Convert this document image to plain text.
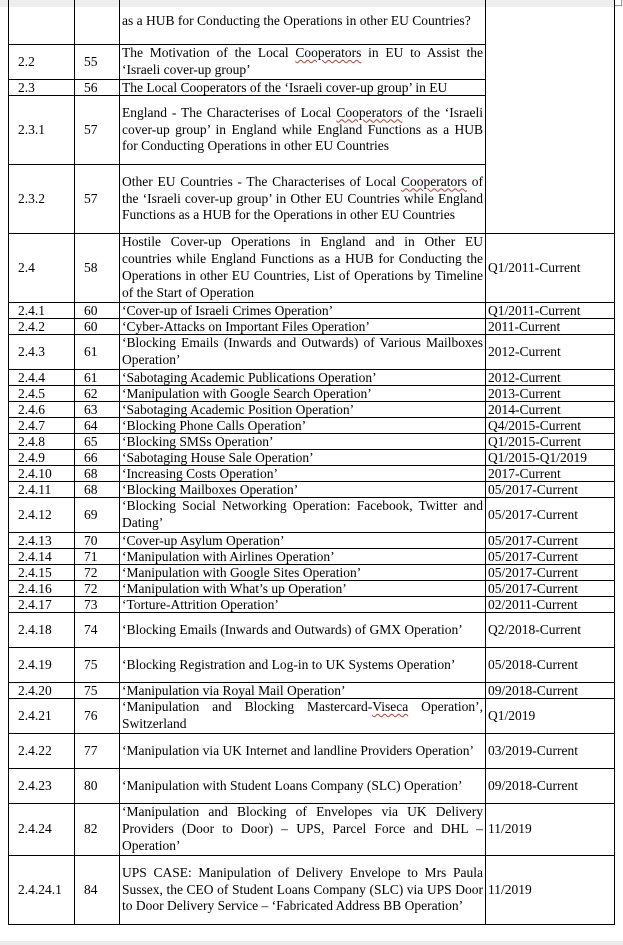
		as a HUB for Conducting the Operations in other EU Countries?	
2.2	55	The Motivation of the Local Cooperators in EU to Assist the ‘Israeli cover-up group’	
2.3	56	The Local Cooperators of the ‘Israeli cover-up group’ in EU	
2.3.1	57	England - The Characterises of Local Cooperators of the ‘Israeli cover-up group’ in England while England Functions as a HUB for Conducting Operations in other EU Countries	
2.3.2	57	Other EU Countries - The Characterises of Local Cooperators of the ‘Israeli cover-up group’ in Other EU Countries while England Functions as a HUB for the Operations in other EU Countries	
2.4	58	Hostile Cover-up Operations in England and in Other EU countries while England Functions as a HUB for Conducting the Operations in other EU Countries, List of Operations by Timeline of the Start of Operation	Q1/2011-Current
2.4.1	60	‘Cover-up of Israeli Crimes Operation’	Q1/2011-Current
2.4.2	60	‘Cyber-Attacks on Important Files Operation’	2011-Current
2.4.3	61	‘Blocking Emails (Inwards and Outwards) of Various Mailboxes Operation’	2012-Current
2.4.4	61	‘Sabotaging Academic Publications Operation’	2012-Current
2.4.5	62	‘Manipulation with Google Search Operation’	2013-Current
2.4.6	63	‘Sabotaging Academic Position Operation’	2014-Current
2.4.7	64	‘Blocking Phone Calls Operation’	Q4/2015-Current
2.4.8	65	‘Blocking SMSs Operation’	Q1/2015-Current
2.4.9	66	‘Sabotaging House Sale Operation’	Q1/2015-Q1/2019
2.4.10	68	‘Increasing Costs Operation’	2017-Current
2.4.11	68	‘Blocking Mailboxes Operation’	05/2017-Current
2.4.12	69	‘Blocking Social Networking Operation: Facebook, Twitter and Dating’	05/2017-Current
2.4.13	70	‘Cover-up Asylum Operation’	05/2017-Current
2.4.14	71	‘Manipulation with Airlines Operation’	05/2017-Current
2.4.15	72	‘Manipulation with Google Sites Operation’	05/2017-Current
2.4.16	72	‘Manipulation with What’s up Operation’	05/2017-Current
2.4.17	73	‘Torture-Attrition Operation’	02/2011-Current
2.4.18	74	‘Blocking Emails (Inwards and Outwards) of GMX Operation’	Q2/2018-Current
2.4.19	75	‘Blocking Registration and Log-in to UK Systems Operation’	05/2018-Current
2.4.20	75	‘Manipulation via Royal Mail Operation’	09/2018-Current
2.4.21	76	‘Manipulation and Blocking Mastercard-Viseca Operation’, Switzerland	Q1/2019
2.4.22	77	‘Manipulation via UK Internet and landline Providers Operation’	03/2019-Current
2.4.23	80	‘Manipulation with Student Loans Company (SLC) Operation’	09/2018-Current
2.4.24	82	‘Manipulation and Blocking of Envelopes via UK Delivery Providers (Door to Door) – UPS, Parcel Force and DHL – Operation’	11/2019
2.4.24.1	84	UPS CASE: Manipulation of Delivery Envelope to Mrs Paula Sussex, the CEO of Student Loans Company (SLC) via UPS Door to Door Delivery Service – ‘Fabricated Address BB Operation’	11/2019
